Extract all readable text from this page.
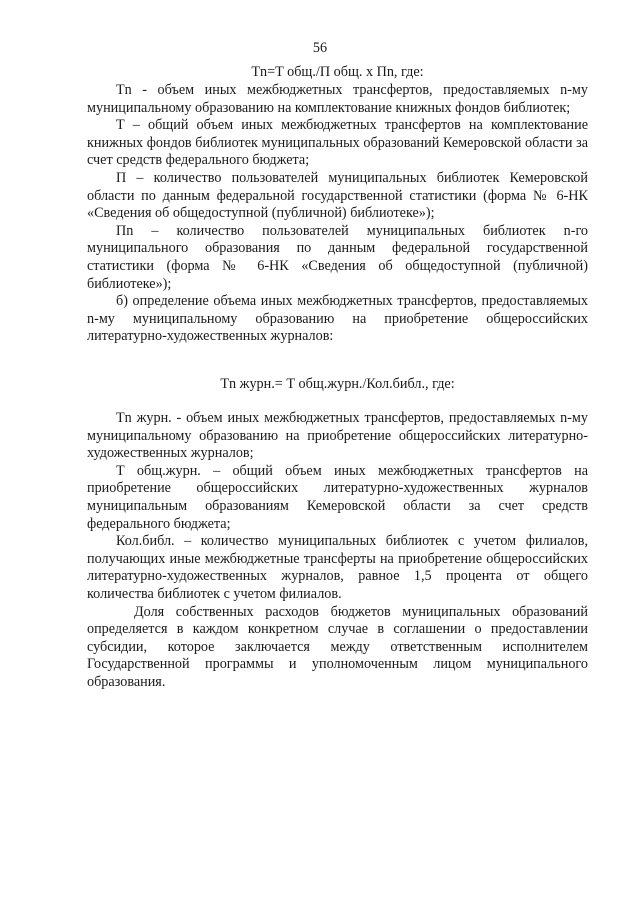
56
Tn=T общ./П общ. х Пn, где:

Tn - объем иных межбюджетных трансфертов, предоставляемых n-му муниципальному образованию на комплектование книжных фондов библиотек;

Т – общий объем иных межбюджетных трансфертов на комплектование книжных фондов библиотек муниципальных образований Кемеровской области за счет средств федерального бюджета;

П – количество пользователей муниципальных библиотек Кемеровской области по данным федеральной государственной статистики (форма № 6-НК «Сведения об общедоступной (публичной) библиотеке»);

Пn – количество пользователей муниципальных библиотек n-го муниципального образования по данным федеральной государственной статистики (форма № 6-НК «Сведения об общедоступной (публичной) библиотеке»);

б) определение объема иных межбюджетных трансфертов, предоставляемых n-му муниципальному образованию на приобретение общероссийских литературно-художественных журналов:

Tn журн.= Т общ.журн./Кол.библ., где:

Tn журн. - объем иных межбюджетных трансфертов, предоставляемых n-му муниципальному образованию на приобретение общероссийских литературно-художественных журналов;

Т общ.журн. – общий объем иных межбюджетных трансфертов на приобретение общероссийских литературно-художественных журналов муниципальным образованиям Кемеровской области за счет средств федерального бюджета;

Кол.библ. – количество муниципальных библиотек с учетом филиалов, получающих иные межбюджетные трансферты на приобретение общероссийских литературно-художественных журналов, равное 1,5 процента от общего количества библиотек с учетом филиалов.

Доля собственных расходов бюджетов муниципальных образований определяется в каждом конкретном случае в соглашении о предоставлении субсидии, которое заключается между ответственным исполнителем Государственной программы и уполномоченным лицом муниципального образования.
